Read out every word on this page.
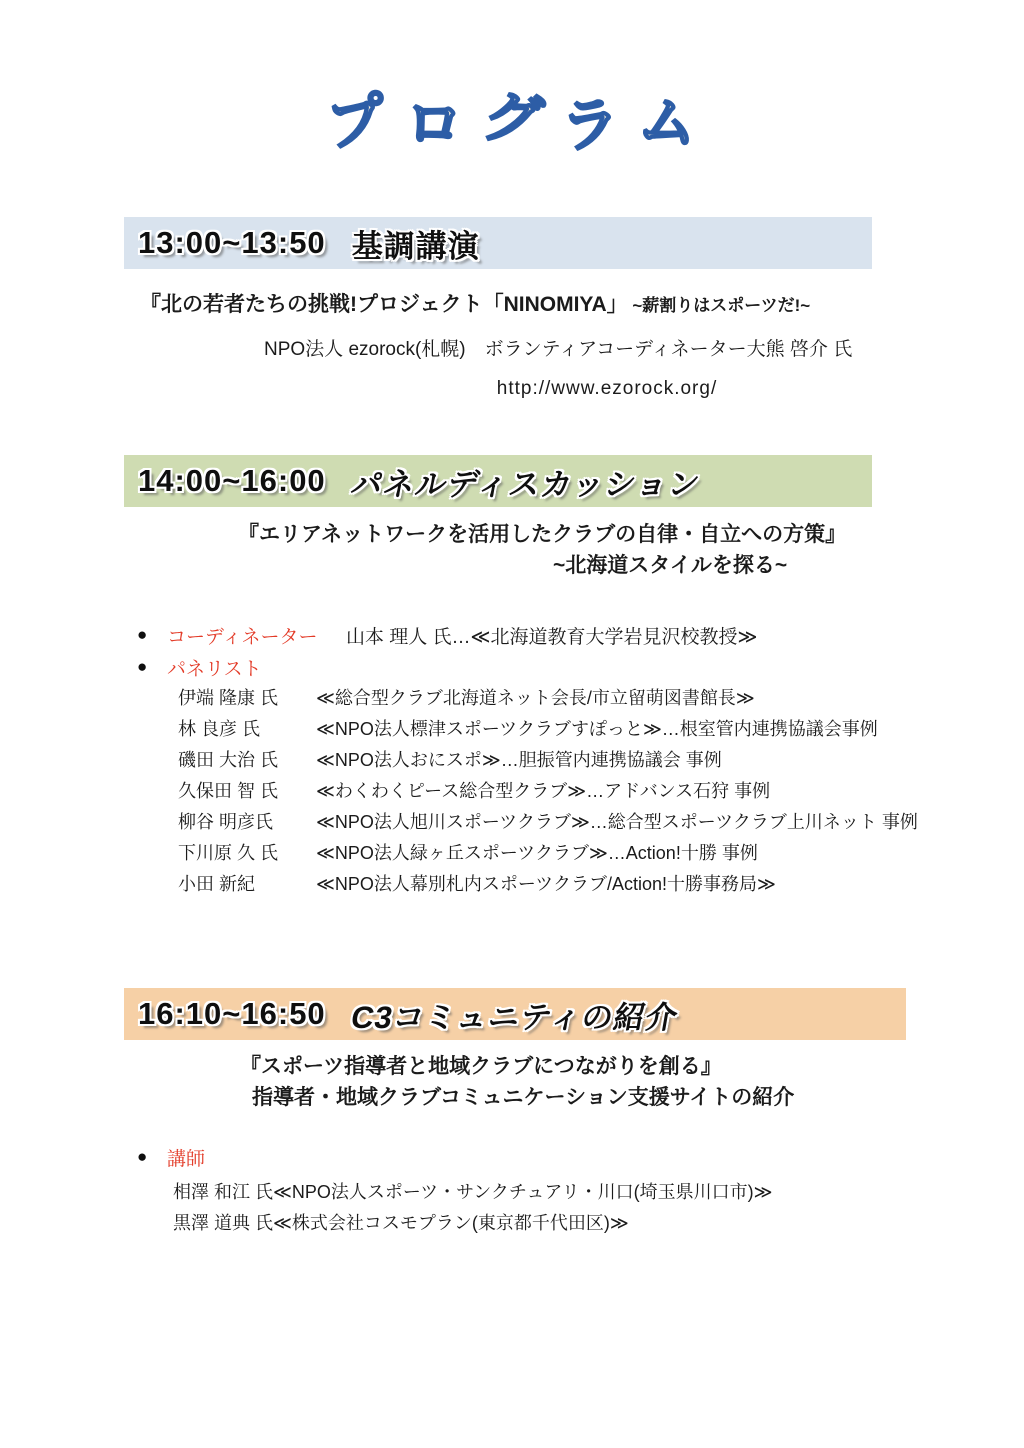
プ ロ グ ラ ム
13:00~13:50 基調講演
『北の若者たちの挑戦!プロジェクト「NINOMIYA」 ~薪割りはスポーツだ!~
NPO法人 ezorock(札幌)　ボランティアコーディネーター大熊 啓介 氏
http://www.ezorock.org/
14:00~16:00 パネルディスカッション
『エリアネットワークを活用したクラブの自律・自立への方策』
~北海道スタイルを探る~
● コーディネーター 山本 理人 氏…≪北海道教育大学岩見沢校教授≫
● パネリスト
伊端 隆康 氏 ≪総合型クラブ北海道ネット会長/市立留萌図書館長≫
林 良彦 氏	≪NPO法人標津スポーツクラブすぽっと≫…根室管内連携協議会事例
磯田 大治 氏 ≪NPO法人おにスポ≫…胆振管内連携協議会 事例
久保田 智 氏 ≪わくわくピース総合型クラブ≫…アドバンス石狩 事例
柳谷 明彦氏 ≪NPO法人旭川スポーツクラブ≫…総合型スポーツクラブ上川ネット 事例
下川原 久 氏 ≪NPO法人緑ヶ丘スポーツクラブ≫…Action!十勝 事例
小田 新紀	≪NPO法人幕別札内スポーツクラブ/Action!十勝事務局≫
16:10~16:50 C3コミュニティの紹介
『スポーツ指導者と地域クラブにつながりを創る』
指導者・地域クラブコミュニケーション支援サイトの紹介
● 講師
相澤 和江 氏≪NPO法人スポーツ・サンクチュアリ・川口(埼玉県川口市)≫
黒澤 道典 氏≪株式会社コスモプラン(東京都千代田区)≫
